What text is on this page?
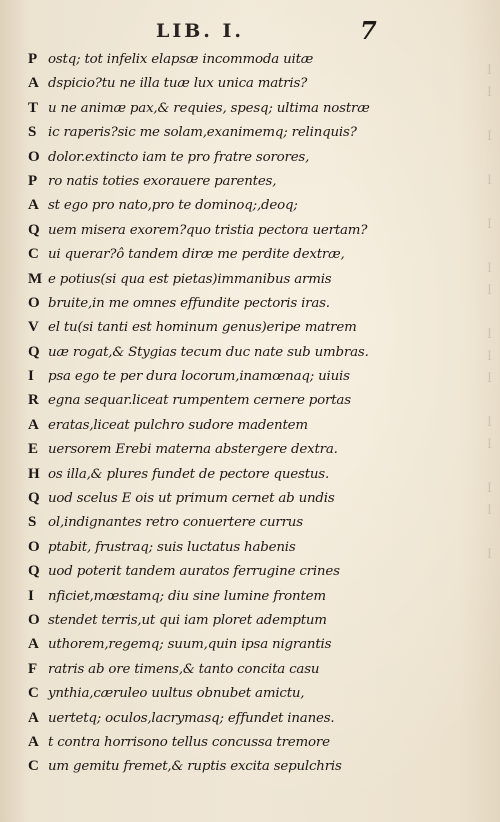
I
I

I

I

I

I
I

I
I
I

I
I

I
I

I
LIB. I.	7
P ostq; tot infelix elapsæ incommoda uitæ
A dspicio?tu ne illa tuæ lux unica matris?
T u ne animæ pax,& requies, spesq; ultima nostræ
S ic raperis?sic me solam,exanimemq; relinquis?
O dolor.extincto iam te pro fratre sorores,
P ro natis toties exorauere parentes,
A st ego pro nato,pro te dominoq;,deoq;
Q uem misera exorem?quo tristia pectora uertam?
C ui querar?ô tandem diræ me perdite dextræ,
M e potius(si qua est pietas)immanibus armis
O bruite,in me omnes effundite pectoris iras.
V el tu(si tanti est hominum genus)eripe matrem
Q uæ rogat,& Stygias tecum duc nate sub umbras.
I	psa ego te per dura locorum,inamœnaq; uiuis
R egna sequar.liceat rumpentem cernere portas
A eratas,liceat pulchro sudore madentem
E uersorem Erebi materna abstergere dextra.
H os illa,& plures fundet de pectore questus.
Q uod scelus E ois ut primum cernet ab undis
S ol,indignantes retro conuertere currus
O ptabit, frustraq; suis luctatus habenis
Q uod poterit tandem auratos ferrugine crines
I	nficiet,mœstamq; diu sine lumine frontem
O stendet terris,ut qui iam ploret ademptum
A uthorem,regemq; suum,quin ipsa nigrantis
F ratris ab ore timens,& tanto concita casu
C ynthia,cæruleo uultus obnubet amictu,
A uertetq; oculos,lacrymasq; effundet inanes.
A t contra horrisono tellus concussa tremore
C um gemitu fremet,& ruptis excita sepulchris
